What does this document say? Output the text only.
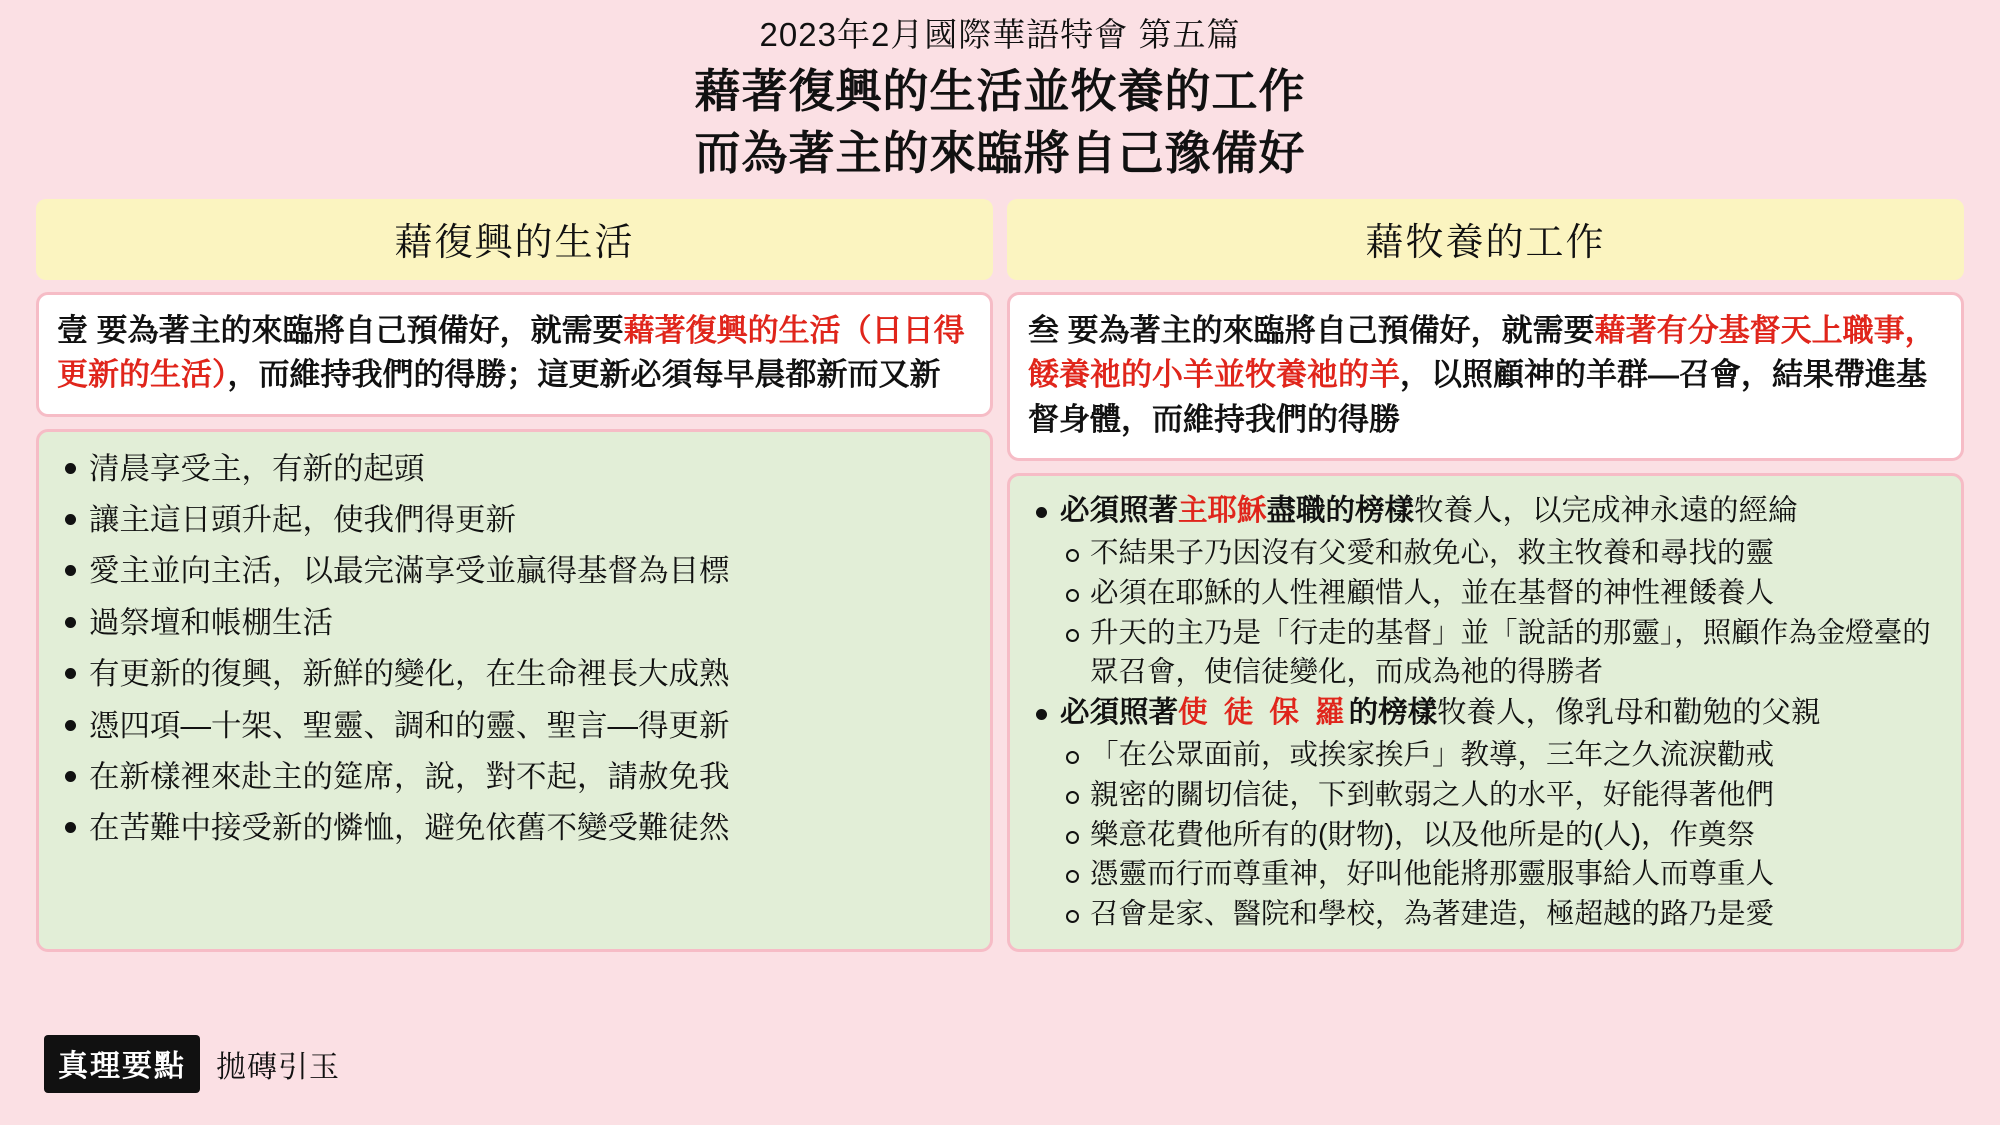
2023年2月國際華語特會 第五篇
藉著復興的生活並牧養的工作
而為著主的來臨將自己豫備好
藉復興的生活
壹 要為著主的來臨將自己預備好，就需要藉著復興的生活（日日得更新的生活），而維持我們的得勝；這更新必須每早晨都新而又新
清晨享受主，有新的起頭
讓主這日頭升起，使我們得更新
愛主並向主活，以最完滿享受並贏得基督為目標
過祭壇和帳棚生活
有更新的復興，新鮮的變化，在生命裡長大成熟
憑四項—十架、聖靈、調和的靈、聖言—得更新
在新樣裡來赴主的筵席，說，對不起，請赦免我
在苦難中接受新的憐恤，避免依舊不變受難徒然
藉牧養的工作
叁 要為著主的來臨將自己預備好，就需要藉著有分基督天上職事，餧養祂的小羊並牧養祂的羊，以照顧神的羊群—召會，結果帶進基督身體，而維持我們的得勝
必須照著主耶穌盡職的榜樣牧養人，以完成神永遠的經綸
不結果子乃因沒有父愛和赦免心，救主牧養和尋找的靈
必須在耶穌的人性裡顧惜人，並在基督的神性裡餧養人
升天的主乃是「行走的基督」並「說話的那靈」，照顧作為金燈臺的眾召會，使信徒變化，而成為祂的得勝者
必須照著使 徒 保 羅的榜樣牧養人，像乳母和勸勉的父親
「在公眾面前，或挨家挨戶」教導，三年之久流淚勸戒
親密的關切信徒，下到軟弱之人的水平，好能得著他們
樂意花費他所有的(財物)，以及他所是的(人)，作奠祭
憑靈而行而尊重神，好叫他能將那靈服事給人而尊重人
召會是家、醫院和學校，為著建造，極超越的路乃是愛
真理要點	拋磚引玉
